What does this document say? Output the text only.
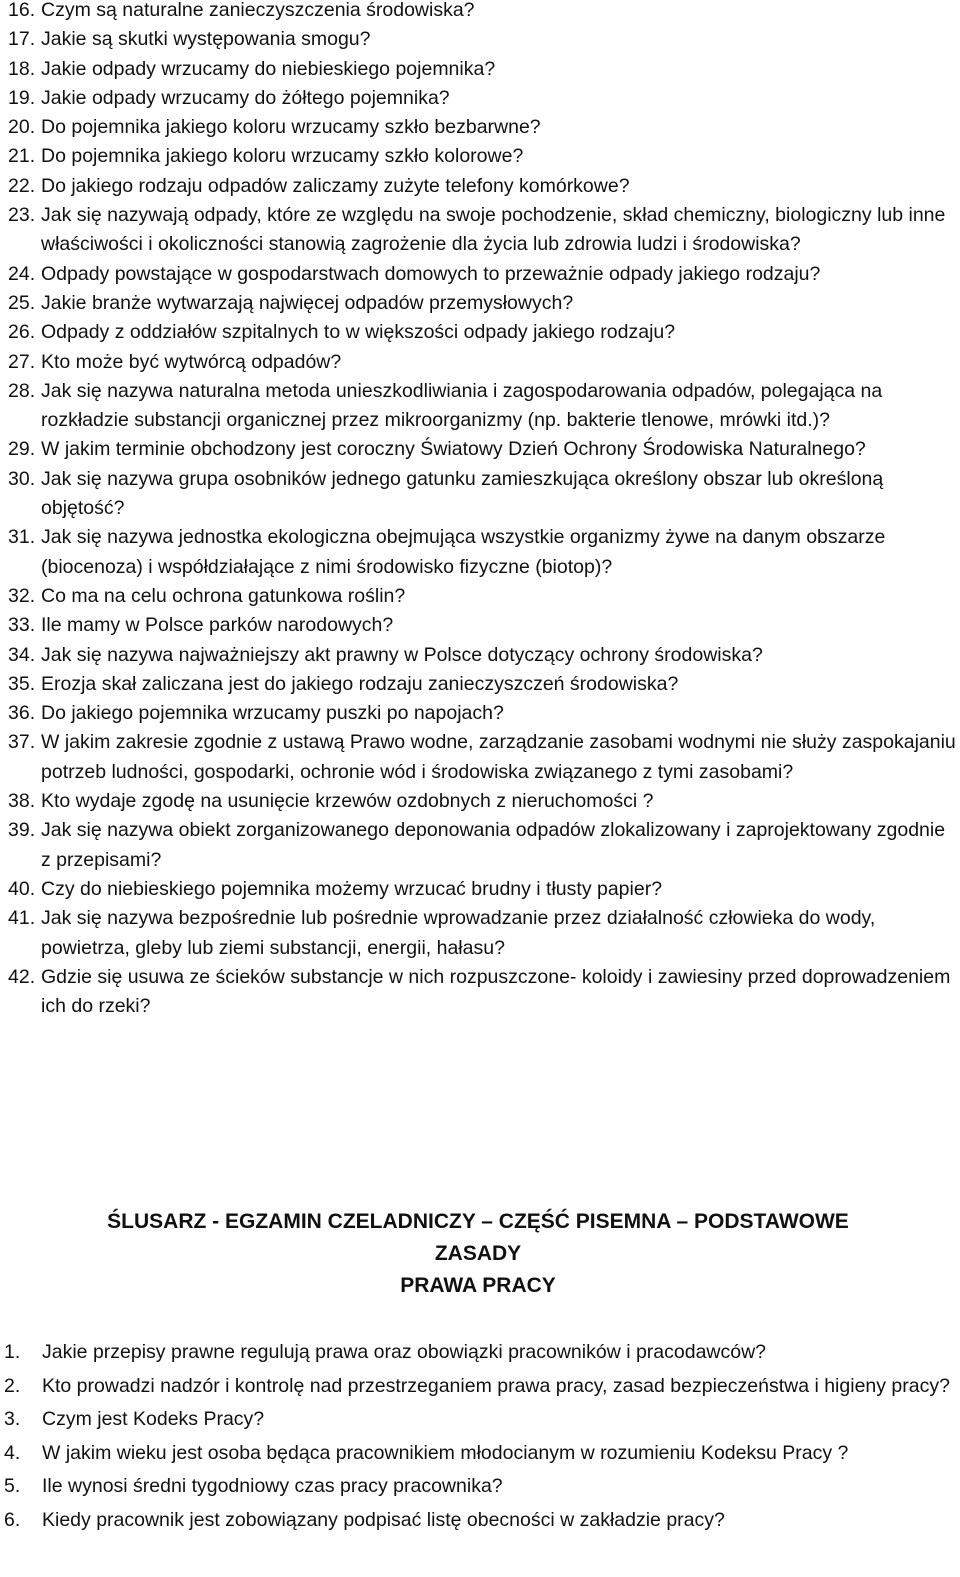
16. Czym są naturalne zanieczyszczenia środowiska?
17. Jakie są skutki występowania smogu?
18. Jakie odpady wrzucamy do niebieskiego pojemnika?
19. Jakie odpady wrzucamy do żółtego pojemnika?
20. Do pojemnika jakiego koloru wrzucamy szkło bezbarwne?
21. Do pojemnika jakiego koloru wrzucamy szkło kolorowe?
22. Do jakiego rodzaju odpadów zaliczamy zużyte telefony komórkowe?
23. Jak się nazywają odpady, które ze względu na swoje pochodzenie, skład chemiczny, biologiczny lub inne właściwości i okoliczności stanowią zagrożenie dla życia lub zdrowia ludzi i środowiska?
24. Odpady powstające w gospodarstwach domowych to przeważnie odpady jakiego rodzaju?
25. Jakie branże wytwarzają najwięcej odpadów przemysłowych?
26. Odpady z oddziałów szpitalnych to w większości odpady jakiego rodzaju?
27. Kto może być wytwórcą odpadów?
28. Jak się nazywa naturalna metoda unieszkodliwiania i zagospodarowania odpadów, polegająca na rozkładzie substancji organicznej przez mikroorganizmy (np. bakterie tlenowe, mrówki itd.)?
29. W jakim terminie obchodzony jest coroczny Światowy Dzień Ochrony Środowiska Naturalnego?
30. Jak się nazywa grupa osobników jednego gatunku zamieszkująca określony obszar lub określoną objętość?
31. Jak się nazywa jednostka ekologiczna obejmująca wszystkie organizmy żywe na danym obszarze (biocenoza) i współdziałające z nimi środowisko fizyczne (biotop)?
32. Co ma na celu ochrona gatunkowa roślin?
33. Ile mamy w Polsce parków narodowych?
34. Jak się nazywa najważniejszy akt prawny w Polsce dotyczący ochrony środowiska?
35. Erozja skał zaliczana jest do jakiego rodzaju zanieczyszczeń środowiska?
36. Do jakiego pojemnika wrzucamy puszki po napojach?
37. W jakim zakresie zgodnie z ustawą Prawo wodne, zarządzanie zasobami wodnymi nie służy zaspokajaniu potrzeb ludności, gospodarki, ochronie wód i środowiska związanego z tymi zasobami?
38. Kto wydaje zgodę na usunięcie krzewów ozdobnych z nieruchomości ?
39. Jak się nazywa obiekt zorganizowanego deponowania odpadów zlokalizowany i zaprojektowany zgodnie z przepisami?
40. Czy do niebieskiego pojemnika możemy wrzucać brudny i tłusty papier?
41. Jak się nazywa bezpośrednie lub pośrednie wprowadzanie przez działalność człowieka do wody, powietrza, gleby lub ziemi substancji, energii, hałasu?
42. Gdzie się usuwa ze ścieków substancje w nich rozpuszczone- koloidy i zawiesiny przed doprowadzeniem ich do rzeki?
ŚLUSARZ - EGZAMIN CZELADNICZY – CZĘŚĆ PISEMNA – PODSTAWOWE
ZASADY
PRAWA PRACY
1. Jakie przepisy prawne regulują prawa oraz obowiązki pracowników i pracodawców?
2. Kto prowadzi nadzór i kontrolę nad przestrzeganiem prawa pracy, zasad bezpieczeństwa i higieny pracy?
3. Czym jest Kodeks Pracy?
4. W jakim wieku jest osoba będąca pracownikiem młodocianym w rozumieniu Kodeksu Pracy ?
5. Ile wynosi średni tygodniowy czas pracy pracownika?
6. Kiedy pracownik jest zobowiązany podpisać listę obecności w zakładzie pracy?
